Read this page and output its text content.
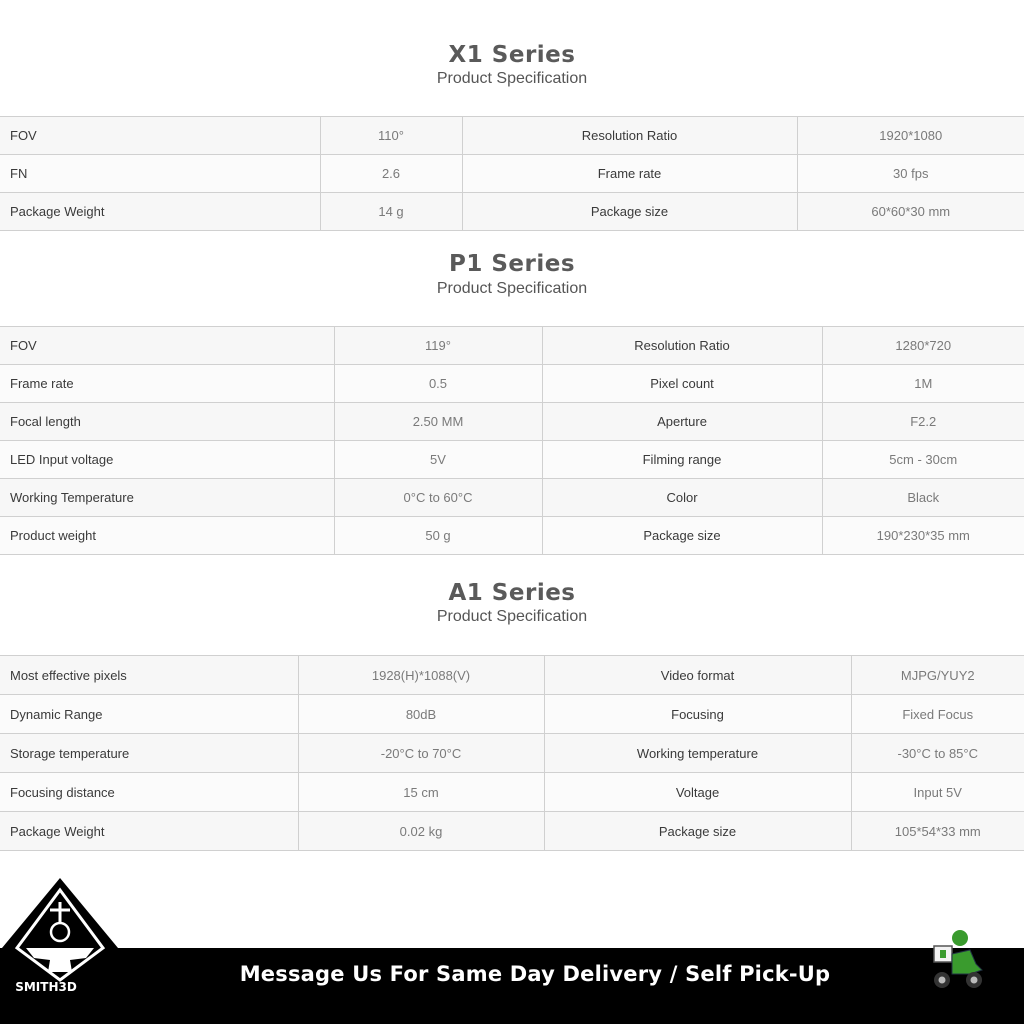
X1 Series
Product Specification
FOV	110°	Resolution Ratio	1920*1080
FN	2.6	Frame rate	30 fps
Package Weight	14 g	Package size	60*60*30 mm
P1 Series
Product Specification
FOV	119°	Resolution Ratio	1280*720
Frame rate	0.5	Pixel count	1M
Focal length	2.50 MM	Aperture	F2.2
LED Input voltage	5V	Filming range	5cm - 30cm
Working Temperature	0°C to 60°C	Color	Black
Product weight	50 g	Package size	190*230*35 mm
A1 Series
Product Specification
Most effective pixels	1928(H)*1088(V)	Video format	MJPG/YUY2
Dynamic Range	80dB	Focusing	Fixed Focus
Storage temperature	-20°C to 70°C	Working temperature	-30°C to 85°C
Focusing distance	15 cm	Voltage	Input 5V
Package Weight	0.02 kg	Package size	105*54*33 mm
Message Us For Same Day Delivery / Self Pick-Up
SMITH3D
